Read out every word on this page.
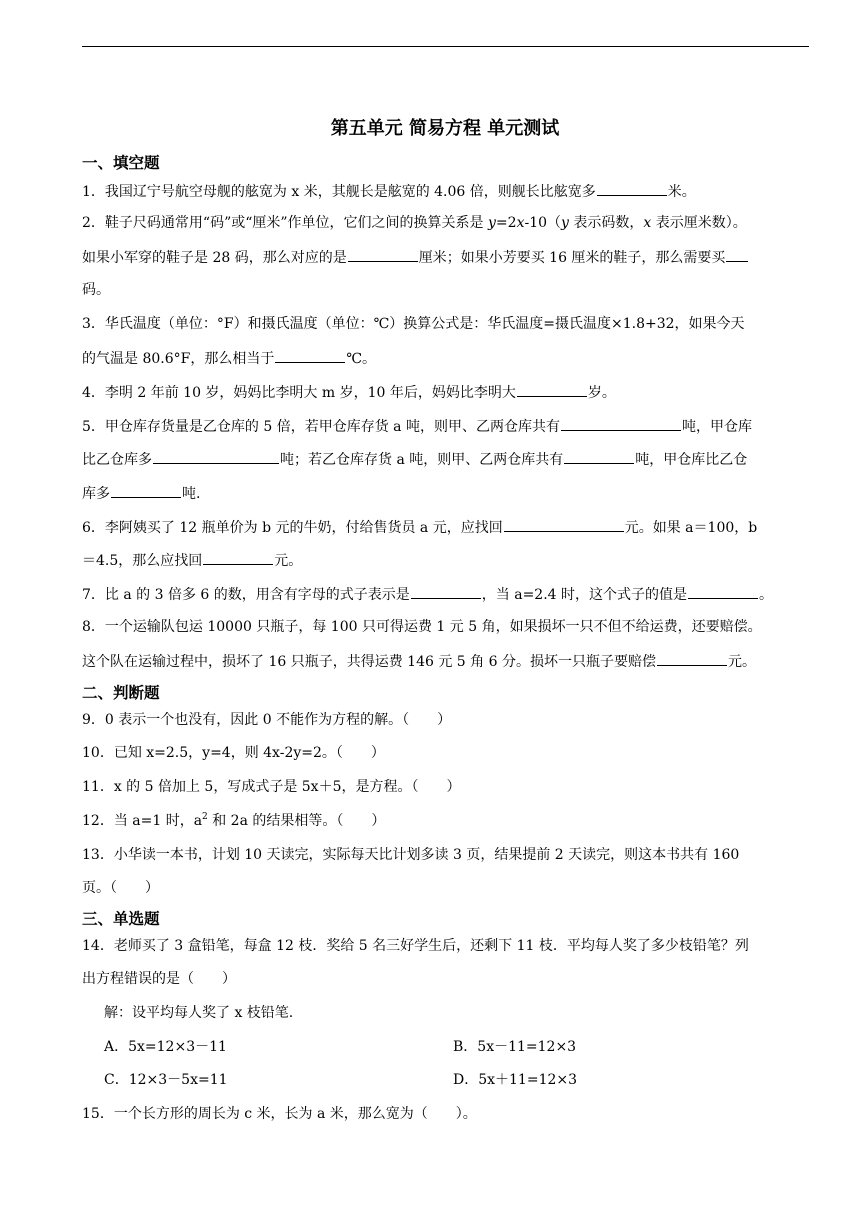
第五单元 简易方程 单元测试
一、填空题
1．我国辽宁号航空母舰的舷宽为 x 米，其舰长是舷宽的 4.06 倍，则舰长比舷宽多	米。
2．鞋子尺码通常用“码”或“厘米”作单位，它们之间的换算关系是 y=2x-10（y 表示码数，x 表示厘米数）。
如果小军穿的鞋子是 28 码，那么对应的是	厘米；如果小芳要买 16 厘米的鞋子，那么需要买
码。
3．华氏温度（单位：°F）和摄氏温度（单位：℃）换算公式是：华氏温度=摄氏温度×1.8+32，如果今天
的气温是 80.6°F，那么相当于	℃。
4．李明 2 年前 10 岁，妈妈比李明大 m 岁，10 年后，妈妈比李明大	岁。
5．甲仓库存货量是乙仓库的 5 倍，若甲仓库存货 a 吨，则甲、乙两仓库共有	吨，甲仓库
比乙仓库多	吨；若乙仓库存货 a 吨，则甲、乙两仓库共有	吨，甲仓库比乙仓
库多	吨.
6．李阿姨买了 12 瓶单价为 b 元的牛奶，付给售货员 a 元，应找回	元。如果 a＝100，b
＝4.5，那么应找回	元。
7．比 a 的 3 倍多 6 的数，用含有字母的式子表示是	，当 a=2.4 时，这个式子的值是	。
8．一个运输队包运 10000 只瓶子，每 100 只可得运费 1 元 5 角，如果损坏一只不但不给运费，还要赔偿。
这个队在运输过程中，损坏了 16 只瓶子，共得运费 146 元 5 角 6 分。损坏一只瓶子要赔偿	元。
二、判断题
9．0 表示一个也没有，因此 0 不能作为方程的解。（　　）
10．已知 x=2.5，y=4，则 4x-2y=2。（　　）
11．x 的 5 倍加上 5，写成式子是 5x＋5，是方程。（　　）
12．当 a=1 时，$a^2$ 和 2a 的结果相等。（　　）
13．小华读一本书，计划 10 天读完，实际每天比计划多读 3 页，结果提前 2 天读完，则这本书共有 160
页。（　　）
三、单选题
14．老师买了 3 盒铅笔，每盒 12 枝．奖给 5 名三好学生后，还剩下 11 枝．平均每人奖了多少枝铅笔？列
出方程错误的是（　　）
解：设平均每人奖了 x 枝铅笔.
A．5x=12×3－11	B．5x－11=12×3
C．12×3－5x=11	D．5x＋11=12×3
15．一个长方形的周长为 c 米，长为 a 米，那么宽为（　　）。
